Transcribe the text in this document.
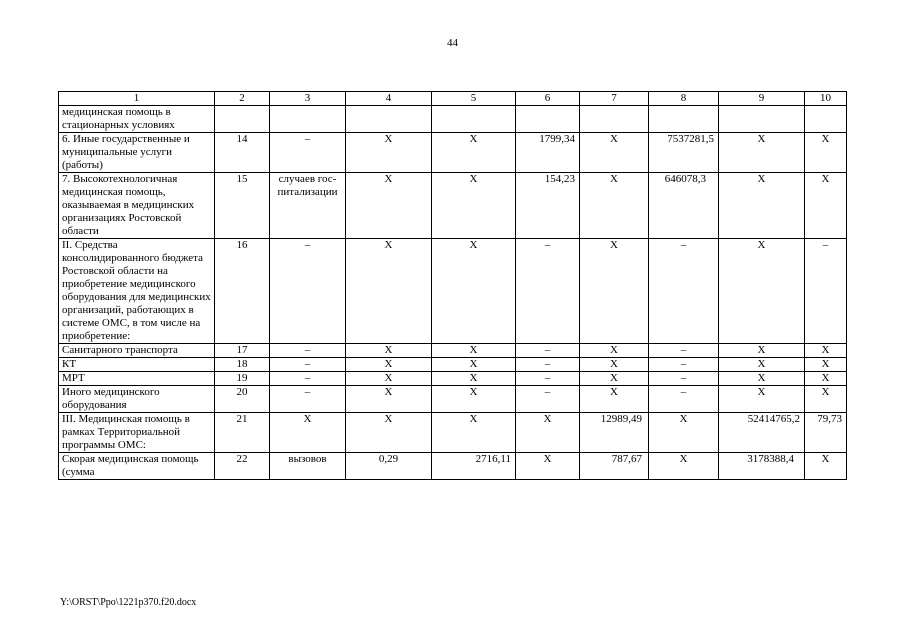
44
1	2	3	4	5	6	7	8	9	10
медицинская помощь в стационарных условиях									
6. Иные государственные и муниципальные услуги (работы)	14	–	Х	Х	1799,34	Х	7537281,5	Х	Х
7. Высокотехнологичная медицинская помощь, оказываемая в медицинских организациях Ростовской области	15	случаев гос-питализации	Х	Х	154,23	Х	646078,3	Х	Х
II. Средства консолидированного бюджета Ростовской области на приобретение медицинского оборудования для медицинских организаций, работающих в системе ОМС, в том числе на приобретение:	16	–	Х	Х	–	Х	–	Х	–
Санитарного транспорта	17	–	Х	Х	–	Х	–	Х	Х
КТ	18	–	Х	Х	–	Х	–	Х	Х
МРТ	19	–	Х	Х	–	Х	–	Х	Х
Иного медицинского оборудования	20	–	Х	Х	–	Х	–	Х	Х
III. Медицинская помощь в рамках Территориальной программы ОМС:	21	Х	Х	Х	Х	12989,49	Х	52414765,2	79,73
Скорая медицинская помощь (сумма	22	вызовов	0,29	2716,11	Х	787,67	Х	3178388,4	Х
Y:\ORST\Ppo\1221p370.f20.docx
